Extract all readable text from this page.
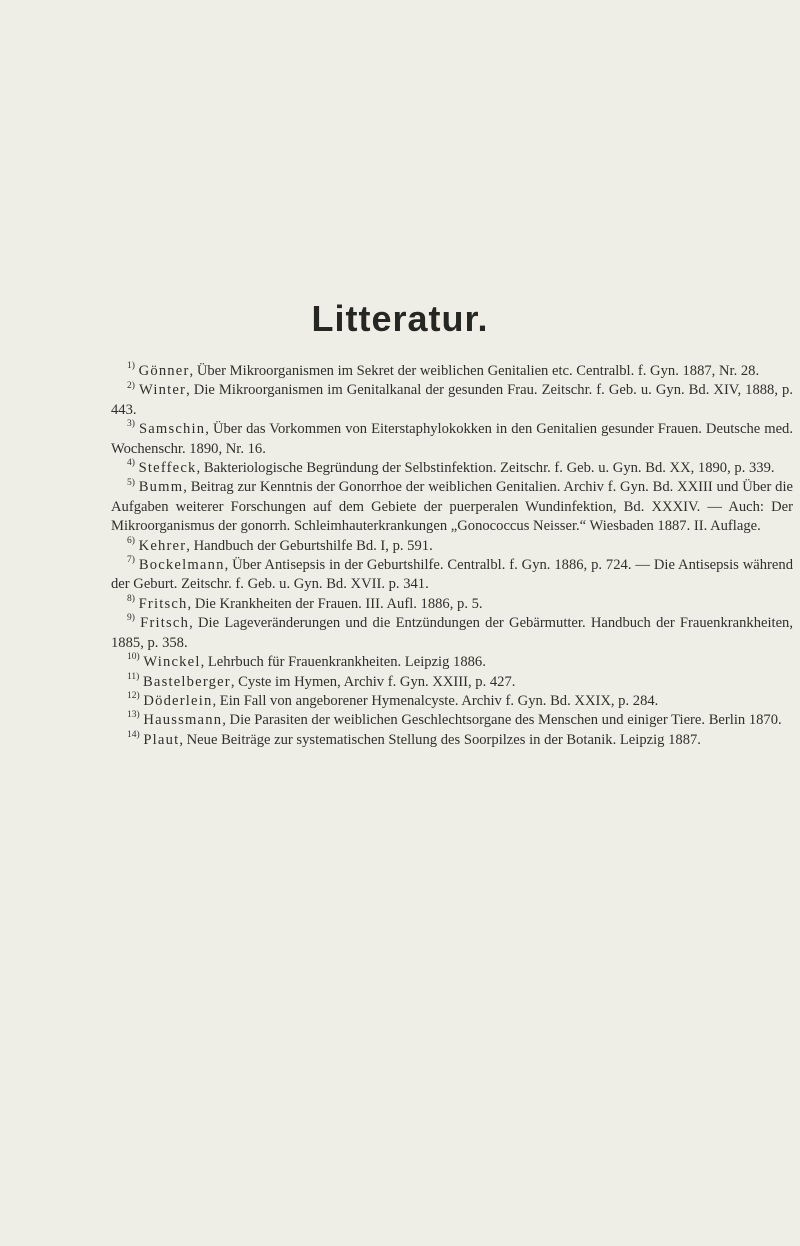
Litteratur.

$^{1)}$ Gönner, Über Mikroorganismen im Sekret der weiblichen Genitalien etc. Centralbl. f. Gyn. 1887, Nr. 28.

$^{2)}$ Winter, Die Mikroorganismen im Genitalkanal der gesunden Frau. Zeitschr. f. Geb. u. Gyn. Bd. XIV, 1888, p. 443.

$^{3)}$ Samschin, Über das Vorkommen von Eiterstaphylokokken in den Genitalien gesunder Frauen. Deutsche med. Wochenschr. 1890, Nr. 16.

$^{4)}$ Steffeck, Bakteriologische Begründung der Selbstinfektion. Zeitschr. f. Geb. u. Gyn. Bd. XX, 1890, p. 339.

$^{5)}$ Bumm, Beitrag zur Kenntnis der Gonorrhoe der weiblichen Genitalien. Archiv f. Gyn. Bd. XXIII und Über die Aufgaben weiterer Forschungen auf dem Gebiete der puerperalen Wundinfektion, Bd. XXXIV. — Auch: Der Mikroorganismus der gonorrh. Schleimhauterkrankungen „Gonococcus Neisser.“ Wiesbaden 1887. II. Auflage.

$^{6)}$ Kehrer, Handbuch der Geburtshilfe Bd. I, p. 591.

$^{7)}$ Bockelmann, Über Antisepsis in der Geburtshilfe. Centralbl. f. Gyn. 1886, p. 724. — Die Antisepsis während der Geburt. Zeitschr. f. Geb. u. Gyn. Bd. XVII. p. 341.

$^{8)}$ Fritsch, Die Krankheiten der Frauen. III. Aufl. 1886, p. 5.

$^{9)}$ Fritsch, Die Lageveränderungen und die Entzündungen der Gebärmutter. Handbuch der Frauenkrankheiten, 1885, p. 358.

$^{10)}$ Winckel, Lehrbuch für Frauenkrankheiten. Leipzig 1886.

$^{11)}$ Bastelberger, Cyste im Hymen, Archiv f. Gyn. XXIII, p. 427.

$^{12)}$ Döderlein, Ein Fall von angeborener Hymenalcyste. Archiv f. Gyn. Bd. XXIX, p. 284.

$^{13)}$ Haussmann, Die Parasiten der weiblichen Geschlechtsorgane des Menschen und einiger Tiere. Berlin 1870.

$^{14)}$ Plaut, Neue Beiträge zur systematischen Stellung des Soorpilzes in der Botanik. Leipzig 1887.
